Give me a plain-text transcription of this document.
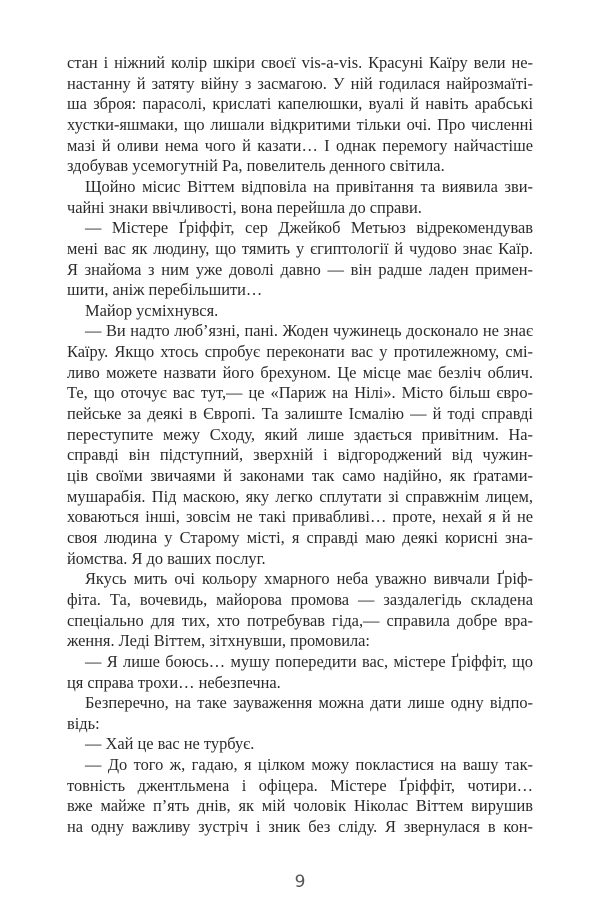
стан і ніжний колір шкіри своєї vis-a-vis. Красуні Каїру вели не-
настанну й затяту війну з засмагою. У ній годилася найрозмаїті-
ша зброя: парасолі, крислаті капелюшки, вуалі й навіть арабські
хустки-яшмаки, що лишали відкритими тільки очі. Про численні
мазі й оливи нема чого й казати… І однак перемогу найчастіше
здобував усемогутній Ра, повелитель денного світила.
Щойно місис Віттем відповіла на привітання та виявила зви-
чайні знаки ввічливості, вона перейшла до справи.
— Містере Ґріффіт, сер Джейкоб Метьюз відрекомендував
мені вас як людину, що тямить у єгиптології й чудово знає Каїр.
Я знайома з ним уже доволі давно — він радше ладен примен-
шити, аніж перебільшити…
Майор усміхнувся.
— Ви надто люб’язні, пані. Жоден чужинець досконало не знає
Каїру. Якщо хтось спробує переконати вас у протилежному, смі-
ливо можете назвати його брехуном. Це місце має безліч облич.
Те, що оточує вас тут,— це «Париж на Нілі». Місто більш євро-
пейське за деякі в Європі. Та залиште Ісмалію — й тоді справді
переступите межу Сходу, який лише здається привітним. На-
справді він підступний, зверхній і відгороджений від чужин-
ців своїми звичаями й законами так само надійно, як ґратами-
мушарабія. Під маскою, яку легко сплутати зі справжнім лицем,
ховаються інші, зовсім не такі привабливі… проте, нехай я й не
своя людина у Старому місті, я справді маю деякі корисні зна-
йомства. Я до ваших послуг.
Якусь мить очі кольору хмарного неба уважно вивчали Ґріф-
фіта. Та, вочевидь, майорова промова — заздалегідь складена
спеціально для тих, хто потребував гіда,— справила добре вра-
ження. Леді Віттем, зітхнувши, промовила:
— Я лише боюсь… мушу попередити вас, містере Ґріффіт, що
ця справа трохи… небезпечна.
Безперечно, на таке зауваження можна дати лише одну відпо-
відь:
— Хай це вас не турбує.
— До того ж, гадаю, я цілком можу покластися на вашу так-
товність джентльмена і офіцера. Містере Ґріффіт, чотири…
вже майже п’ять днів, як мій чоловік Ніколас Віттем вирушив
на одну важливу зустріч і зник без сліду. Я звернулася в кон-
9
